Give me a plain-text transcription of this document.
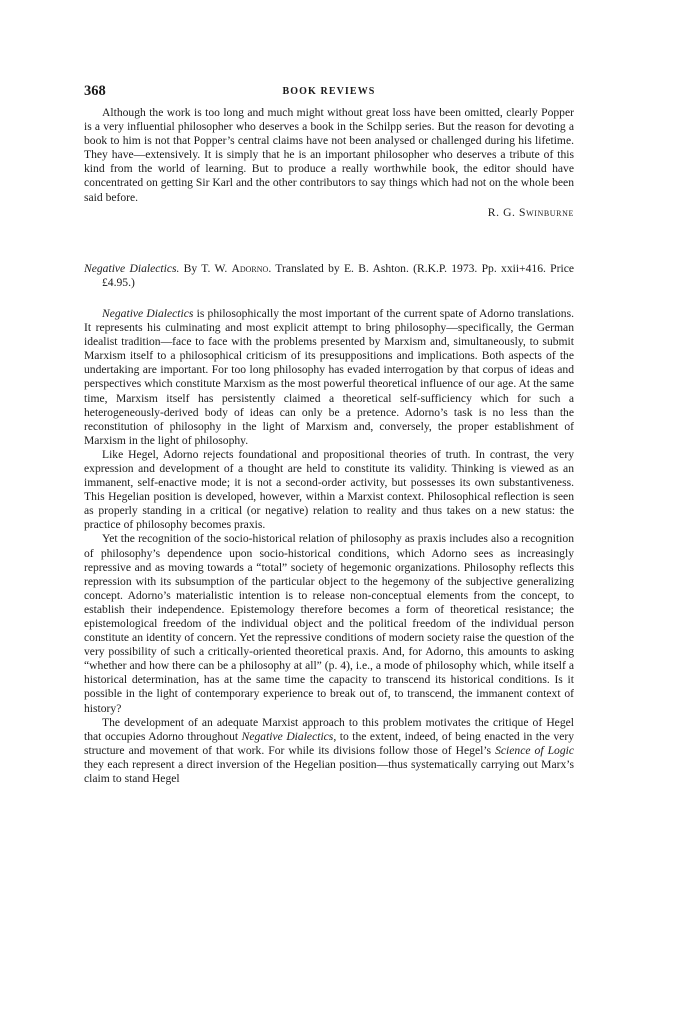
368	BOOK REVIEWS

Although the work is too long and much might without great loss have been omitted, clearly Popper is a very influential philosopher who deserves a book in the Schilpp series. But the reason for devoting a book to him is not that Popper’s central claims have not been analysed or challenged during his lifetime. They have—extensively. It is simply that he is an important philosopher who deserves a tribute of this kind from the world of learning. But to produce a really worthwhile book, the editor should have concentrated on getting Sir Karl and the other contributors to say things which had not on the whole been said before.

R. G. Swinburne

Negative Dialectics. By T. W. Adorno. Translated by E. B. Ashton. (R.K.P. 1973. Pp. xxii+416. Price £4.95.)

Negative Dialectics is philosophically the most important of the current spate of Adorno translations. It represents his culminating and most explicit attempt to bring philosophy—specifically, the German idealist tradition—face to face with the problems presented by Marxism and, simultaneously, to submit Marxism itself to a philosophical criticism of its presuppositions and implications. Both aspects of the undertaking are important. For too long philosophy has evaded interrogation by that corpus of ideas and perspectives which constitute Marxism as the most powerful theoretical influence of our age. At the same time, Marxism itself has persistently claimed a theoretical self-sufficiency which for such a heterogeneously-derived body of ideas can only be a pretence. Adorno’s task is no less than the reconstitution of philosophy in the light of Marxism and, conversely, the proper establishment of Marxism in the light of philosophy.

Like Hegel, Adorno rejects foundational and propositional theories of truth. In contrast, the very expression and development of a thought are held to constitute its validity. Thinking is viewed as an immanent, self-enactive mode; it is not a second-order activity, but possesses its own substantiveness. This Hegelian position is developed, however, within a Marxist context. Philosophical reflection is seen as properly standing in a critical (or negative) relation to reality and thus takes on a new status: the practice of philosophy becomes praxis.

Yet the recognition of the socio-historical relation of philosophy as praxis includes also a recognition of philosophy’s dependence upon socio-historical conditions, which Adorno sees as increasingly repressive and as moving towards a “total” society of hegemonic organizations. Philosophy reflects this repression with its subsumption of the particular object to the hegemony of the subjective generalizing concept. Adorno’s materialistic intention is to release non-conceptual elements from the concept, to establish their independence. Epistemology therefore becomes a form of theoretical resistance; the epistemological freedom of the individual object and the political freedom of the individual person constitute an identity of concern. Yet the repressive conditions of modern society raise the question of the very possibility of such a critically-oriented theoretical praxis. And, for Adorno, this amounts to asking “whether and how there can be a philosophy at all” (p. 4), i.e., a mode of philosophy which, while itself a historical determination, has at the same time the capacity to transcend its historical conditions. Is it possible in the light of contemporary experience to break out of, to transcend, the immanent context of history?

The development of an adequate Marxist approach to this problem motivates the critique of Hegel that occupies Adorno throughout Negative Dialectics, to the extent, indeed, of being enacted in the very structure and movement of that work. For while its divisions follow those of Hegel’s Science of Logic they each represent a direct inversion of the Hegelian position—thus systematically carrying out Marx’s claim to stand Hegel
